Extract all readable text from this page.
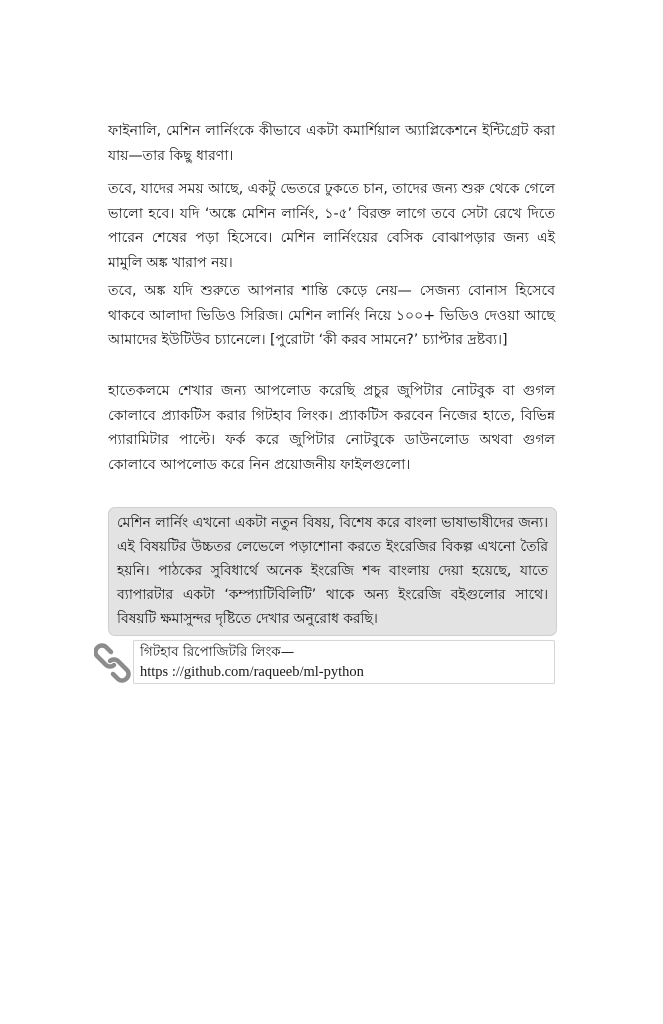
ফাইনালি, মেশিন লার্নিংকে কীভাবে একটা কমার্শিয়াল অ্যাপ্লিকেশনে ইন্টিগ্রেট করা যায়—তার কিছু ধারণা।

তবে, যাদের সময় আছে, একটু ভেতরে ঢুকতে চান, তাদের জন্য শুরু থেকে গেলে ভালো হবে। যদি ‘অঙ্কে মেশিন লার্নিং, ১-৫’ বিরক্ত লাগে তবে সেটা রেখে দিতে পারেন শেষের পড়া হিসেবে। মেশিন লার্নিংয়ের বেসিক বোঝাপড়ার জন্য এই মামুলি অঙ্ক খারাপ নয়।

তবে, অঙ্ক যদি শুরুতে আপনার শান্তি কেড়ে নেয়— সেজন্য বোনাস হিসেবে থাকবে আলাদা ভিডিও সিরিজ। মেশিন লার্নিং নিয়ে ১০০+ ভিডিও দেওয়া আছে আমাদের ইউটিউব চ্যানেলে। [পুরোটা ‘কী করব সামনে?’ চ্যাপ্টার দ্রষ্টব্য।]

হাতেকলমে শেখার জন্য আপলোড করেছি প্রচুর জুপিটার নোটবুক বা গুগল কোলাবে প্র্যাকটিস করার গিটহাব লিংক। প্র্যাকটিস করবেন নিজের হাতে, বিভিন্ন প্যারামিটার পাল্টে। ফর্ক করে জুপিটার নোটবুকে ডাউনলোড অথবা গুগল কোলাবে আপলোড করে নিন প্রয়োজনীয় ফাইলগুলো।

মেশিন লার্নিং এখনো একটা নতুন বিষয়, বিশেষ করে বাংলা ভাষাভাষীদের জন্য। এই বিষয়টির উচ্চতর লেভেলে পড়াশোনা করতে ইংরেজির বিকল্প এখনো তৈরি হয়নি। পাঠকের সুবিধার্থে অনেক ইংরেজি শব্দ বাংলায় দেয়া হয়েছে, যাতে ব্যাপারটার একটা ‘কম্প্যাটিবিলিটি’ থাকে অন্য ইংরেজি বইগুলোর সাথে। বিষয়টি ক্ষমাসুন্দর দৃষ্টিতে দেখার অনুরোধ করছি।

গিটহাব রিপোজিটরি লিংক—
https ://github.com/raqueeb/ml-python
